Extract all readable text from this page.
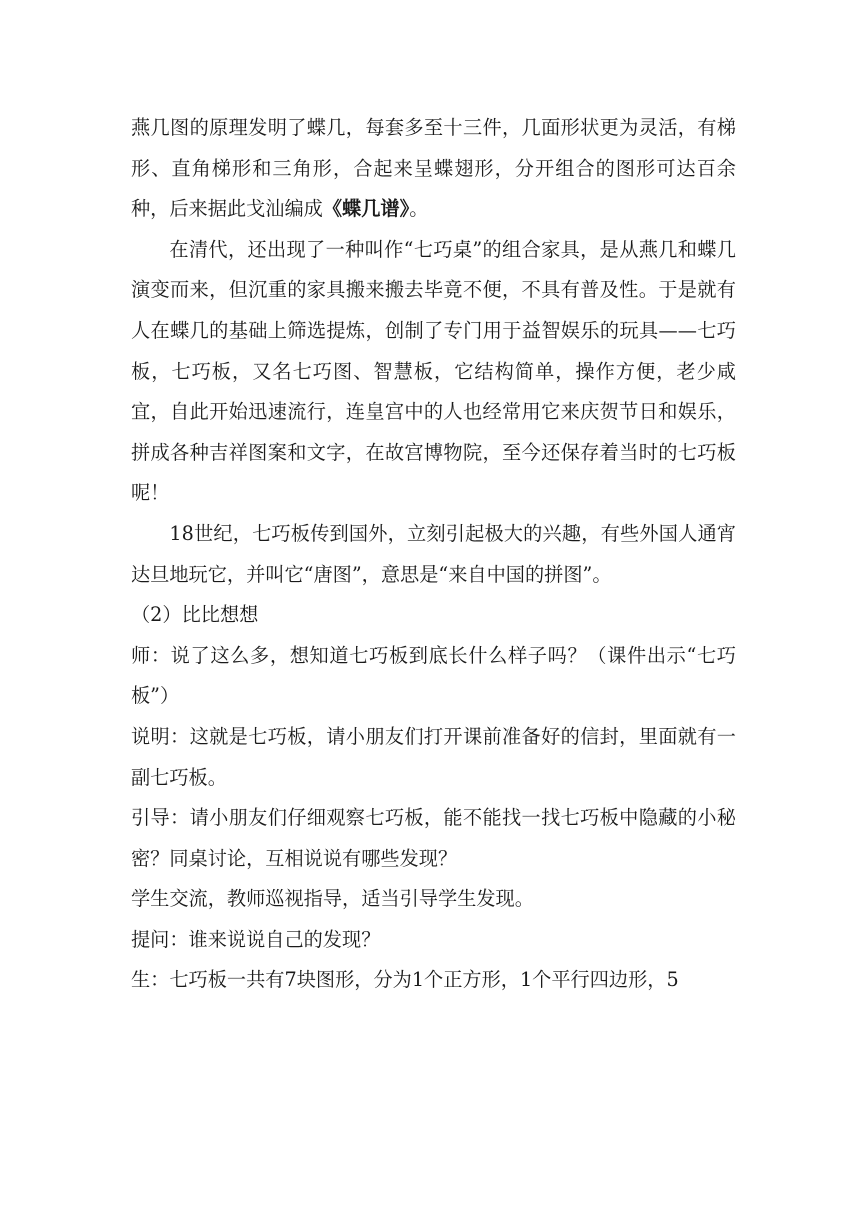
燕几图的原理发明了蝶几，每套多至十三件，几面形状更为灵活，有梯形、直角梯形和三角形，合起来呈蝶翅形，分开组合的图形可达百余种，后来据此戈汕编成《蝶几谱》。

在清代，还出现了一种叫作“七巧桌”的组合家具，是从燕几和蝶几演变而来，但沉重的家具搬来搬去毕竟不便，不具有普及性。于是就有人在蝶几的基础上筛选提炼，创制了专门用于益智娱乐的玩具——七巧板，七巧板，又名七巧图、智慧板，它结构简单，操作方便，老少咸宜，自此开始迅速流行，连皇宫中的人也经常用它来庆贺节日和娱乐，拼成各种吉祥图案和文字，在故宫博物院，至今还保存着当时的七巧板呢！

18世纪，七巧板传到国外，立刻引起极大的兴趣，有些外国人通宵达旦地玩它，并叫它“唐图”，意思是“来自中国的拼图”。

（2）比比想想

师：说了这么多，想知道七巧板到底长什么样子吗？（课件出示“七巧板”）

说明：这就是七巧板，请小朋友们打开课前准备好的信封，里面就有一副七巧板。

引导：请小朋友们仔细观察七巧板，能不能找一找七巧板中隐藏的小秘密？同桌讨论，互相说说有哪些发现？

学生交流，教师巡视指导，适当引导学生发现。

提问：谁来说说自己的发现？

生：七巧板一共有7块图形，分为1个正方形，1个平行四边形，5
